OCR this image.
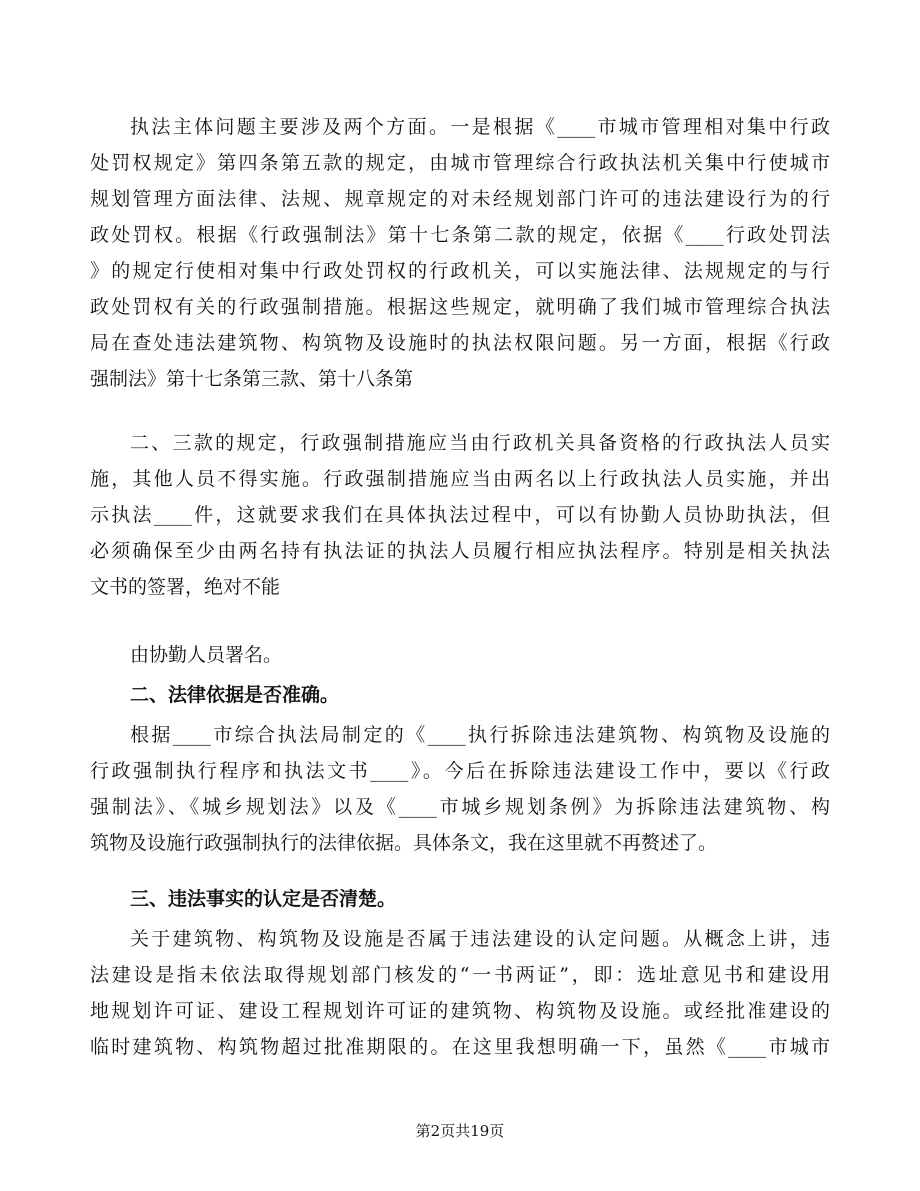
执法主体问题主要涉及两个方面。一是根据《____市城市管理相对集中行政
处罚权规定》第四条第五款的规定，由城市管理综合行政执法机关集中行使城市
规划管理方面法律、法规、规章规定的对未经规划部门许可的违法建设行为的行
政处罚权。根据《行政强制法》第十七条第二款的规定，依据《____行政处罚法
》的规定行使相对集中行政处罚权的行政机关，可以实施法律、法规规定的与行
政处罚权有关的行政强制措施。根据这些规定，就明确了我们城市管理综合执法
局在查处违法建筑物、构筑物及设施时的执法权限问题。另一方面，根据《行政
强制法》第十七条第三款、第十八条第
二、三款的规定，行政强制措施应当由行政机关具备资格的行政执法人员实
施，其他人员不得实施。行政强制措施应当由两名以上行政执法人员实施，并出
示执法____件，这就要求我们在具体执法过程中，可以有协勤人员协助执法，但
必须确保至少由两名持有执法证的执法人员履行相应执法程序。特别是相关执法
文书的签署，绝对不能
由协勤人员署名。
二、法律依据是否准确。
根据____市综合执法局制定的《____执行拆除违法建筑物、构筑物及设施的
行政强制执行程序和执法文书____》。今后在拆除违法建设工作中，要以《行政
强制法》、《城乡规划法》以及《____市城乡规划条例》为拆除违法建筑物、构
筑物及设施行政强制执行的法律依据。具体条文，我在这里就不再赘述了。
三、违法事实的认定是否清楚。
关于建筑物、构筑物及设施是否属于违法建设的认定问题。从概念上讲，违
法建设是指未依法取得规划部门核发的“一书两证”，即：选址意见书和建设用
地规划许可证、建设工程规划许可证的建筑物、构筑物及设施。或经批准建设的
临时建筑物、构筑物超过批准期限的。在这里我想明确一下，虽然《____市城市
第2页共19页
